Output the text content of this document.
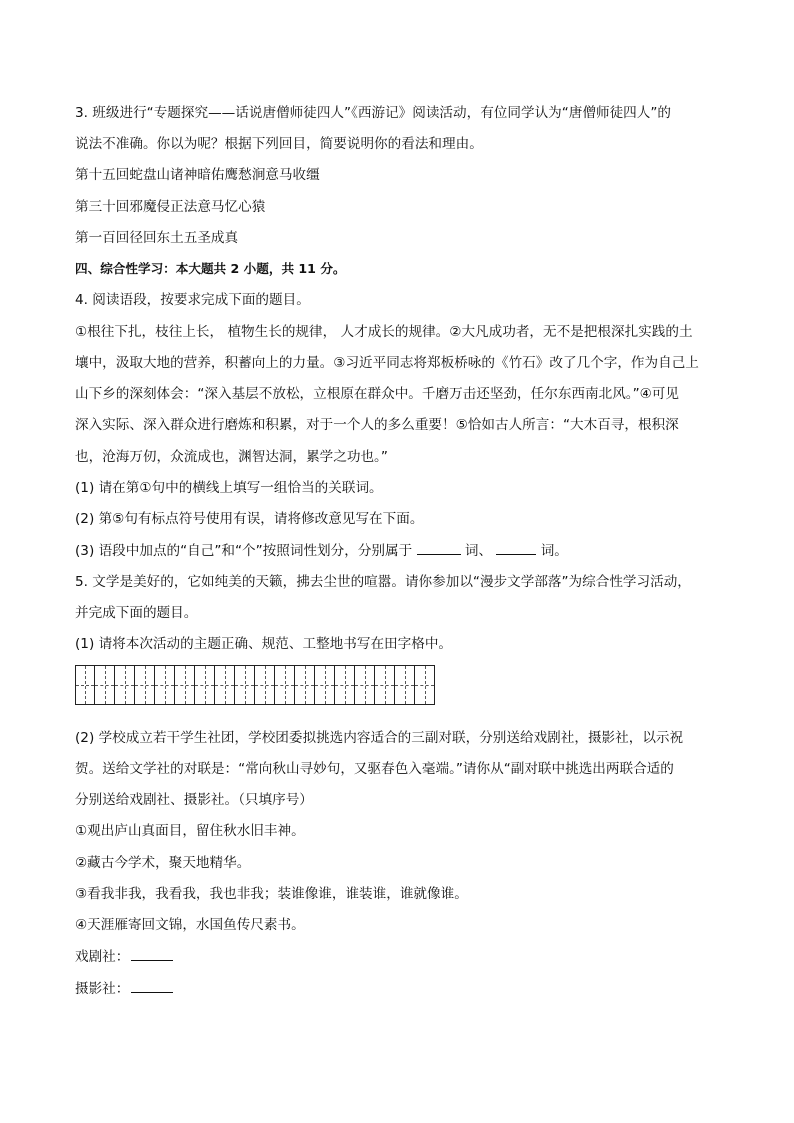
3. 班级进行“专题探究——话说唐僧师徒四人”《西游记》阅读活动，有位同学认为“唐僧师徒四人”的
说法不准确。你以为呢？根据下列回目，简要说明你的看法和理由。
第十五回蛇盘山诸神暗佑鹰愁涧意马收缰
第三十回邪魔侵正法意马忆心猿
第一百回径回东土五圣成真
四、综合性学习：本大题共 2 小题，共 11 分。
4. 阅读语段，按要求完成下面的题目。
①根往下扎，枝往上长， 植物生长的规律， 人才成长的规律。②大凡成功者，无不是把根深扎实践的土
壤中，汲取大地的营养，积蓄向上的力量。③习近平同志将郑板桥咏的《竹石》改了几个字，作为自己上
山下乡的深刻体会：“深入基层不放松，立根原在群众中。千磨万击还坚劲，任尔东西南北风。”④可见
深入实际、深入群众进行磨炼和积累，对于一个人的多么重要！⑤恰如古人所言：“大木百寻，根积深
也，沧海万仞，众流成也，渊智达洞，累学之功也。”
(1) 请在第①句中的横线上填写一组恰当的关联词。
(2) 第⑤句有标点符号使用有误，请将修改意见写在下面。
(3) 语段中加点的“自己”和“个”按照词性划分，分别属于	词、	词。
5. 文学是美好的，它如纯美的天籁，拂去尘世的喧嚣。请你参加以“漫步文学部落”为综合性学习活动，
并完成下面的题目。
(1) 请将本次活动的主题正确、规范、工整地书写在田字格中。
(2) 学校成立若干学生社团，学校团委拟挑选内容适合的三副对联，分别送给戏剧社，摄影社，以示祝
贺。送给文学社的对联是：“常向秋山寻妙句，又驱春色入毫端。”请你从“副对联中挑选出两联合适的
分别送给戏剧社、摄影社。（只填序号）
①观出庐山真面目，留住秋水旧丰神。
②藏古今学术，聚天地精华。
③看我非我，我看我，我也非我；装谁像谁，谁装谁，谁就像谁。
④天涯雁寄回文锦，水国鱼传尺素书。
戏剧社：
摄影社：
